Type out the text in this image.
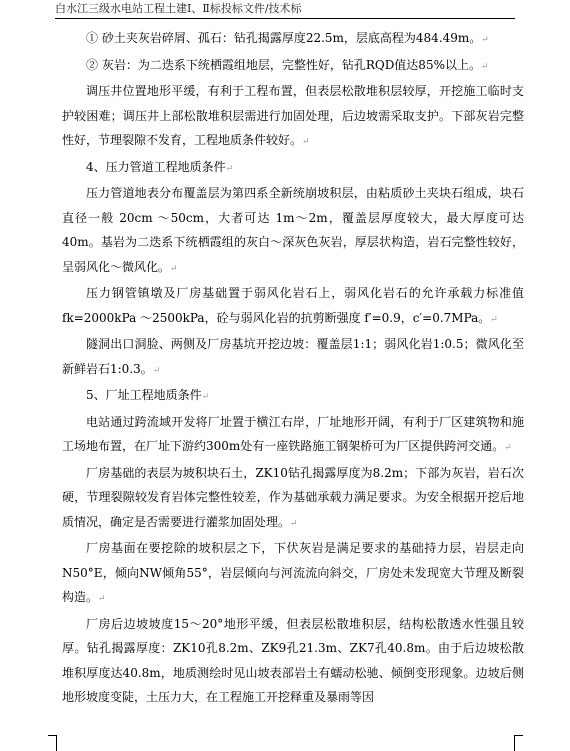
白水江三级水电站工程土建Ⅰ、Ⅱ标投标文件/技术标

① 砂土夹灰岩碎屑、孤石：钻孔揭露厚度22.5m，层底高程为484.49m。↵

② 灰岩：为二迭系下统栖霞组地层，完整性好，钻孔RQD值达85%以上。↵

调压井位置地形平缓，有利于工程布置，但表层松散堆积层较厚，开挖施工临时支护较困难；调压井上部松散堆积层需进行加固处理，后边坡需采取支护。下部灰岩完整性好，节理裂隙不发育，工程地质条件较好。↵

4、压力管道工程地质条件↵

压力管道地表分布覆盖层为第四系全新统崩坡积层，由粘质砂土夹块石组成，块石直径一般 20cm ～50cm，大者可达 1m～2m，覆盖层厚度较大，最大厚度可达 40m。基岩为二迭系下统栖霞组的灰白～深灰色灰岩，厚层状构造，岩石完整性较好，呈弱风化～微风化。↵

压力钢管镇墩及厂房基础置于弱风化岩石上，弱风化岩石的允许承载力标准值 fk=2000kPa ～2500kPa，砼与弱风化岩的抗剪断强度 f′=0.9，c′=0.7MPa。↵

隧洞出口洞脸、两侧及厂房基坑开挖边坡：覆盖层1:1；弱风化岩1:0.5；微风化至新鲜岩石1:0.3。↵

5、厂址工程地质条件↵

电站通过跨流域开发将厂址置于横江右岸，厂址地形开阔，有利于厂区建筑物和施工场地布置，在厂址下游约300m处有一座铁路施工钢架桥可为厂区提供跨河交通。↵

厂房基础的表层为坡积块石土，ZK10钻孔揭露厚度为8.2m；下部为灰岩，岩石次硬，节理裂隙较发育岩体完整性较差，作为基础承载力满足要求。为安全根据开挖后地质情况，确定是否需要进行灌浆加固处理。↵

厂房基面在要挖除的坡积层之下，下伏灰岩是满足要求的基础持力层，岩层走向N50°E，倾向NW倾角55°，岩层倾向与河流流向斜交，厂房处未发现宽大节理及断裂构造。↵

厂房后边坡坡度15～20°地形平缓，但表层松散堆积层，结构松散透水性强且较厚。钻孔揭露厚度：ZK10孔8.2m、ZK9孔21.3m、ZK7孔40.8m。由于后边坡松散堆积厚度达40.8m，地质测绘时见山坡表部岩土有蠕动松驰、倾倒变形现象。边坡后侧地形坡度变陡，土压力大，在工程施工开挖释重及暴雨等因
